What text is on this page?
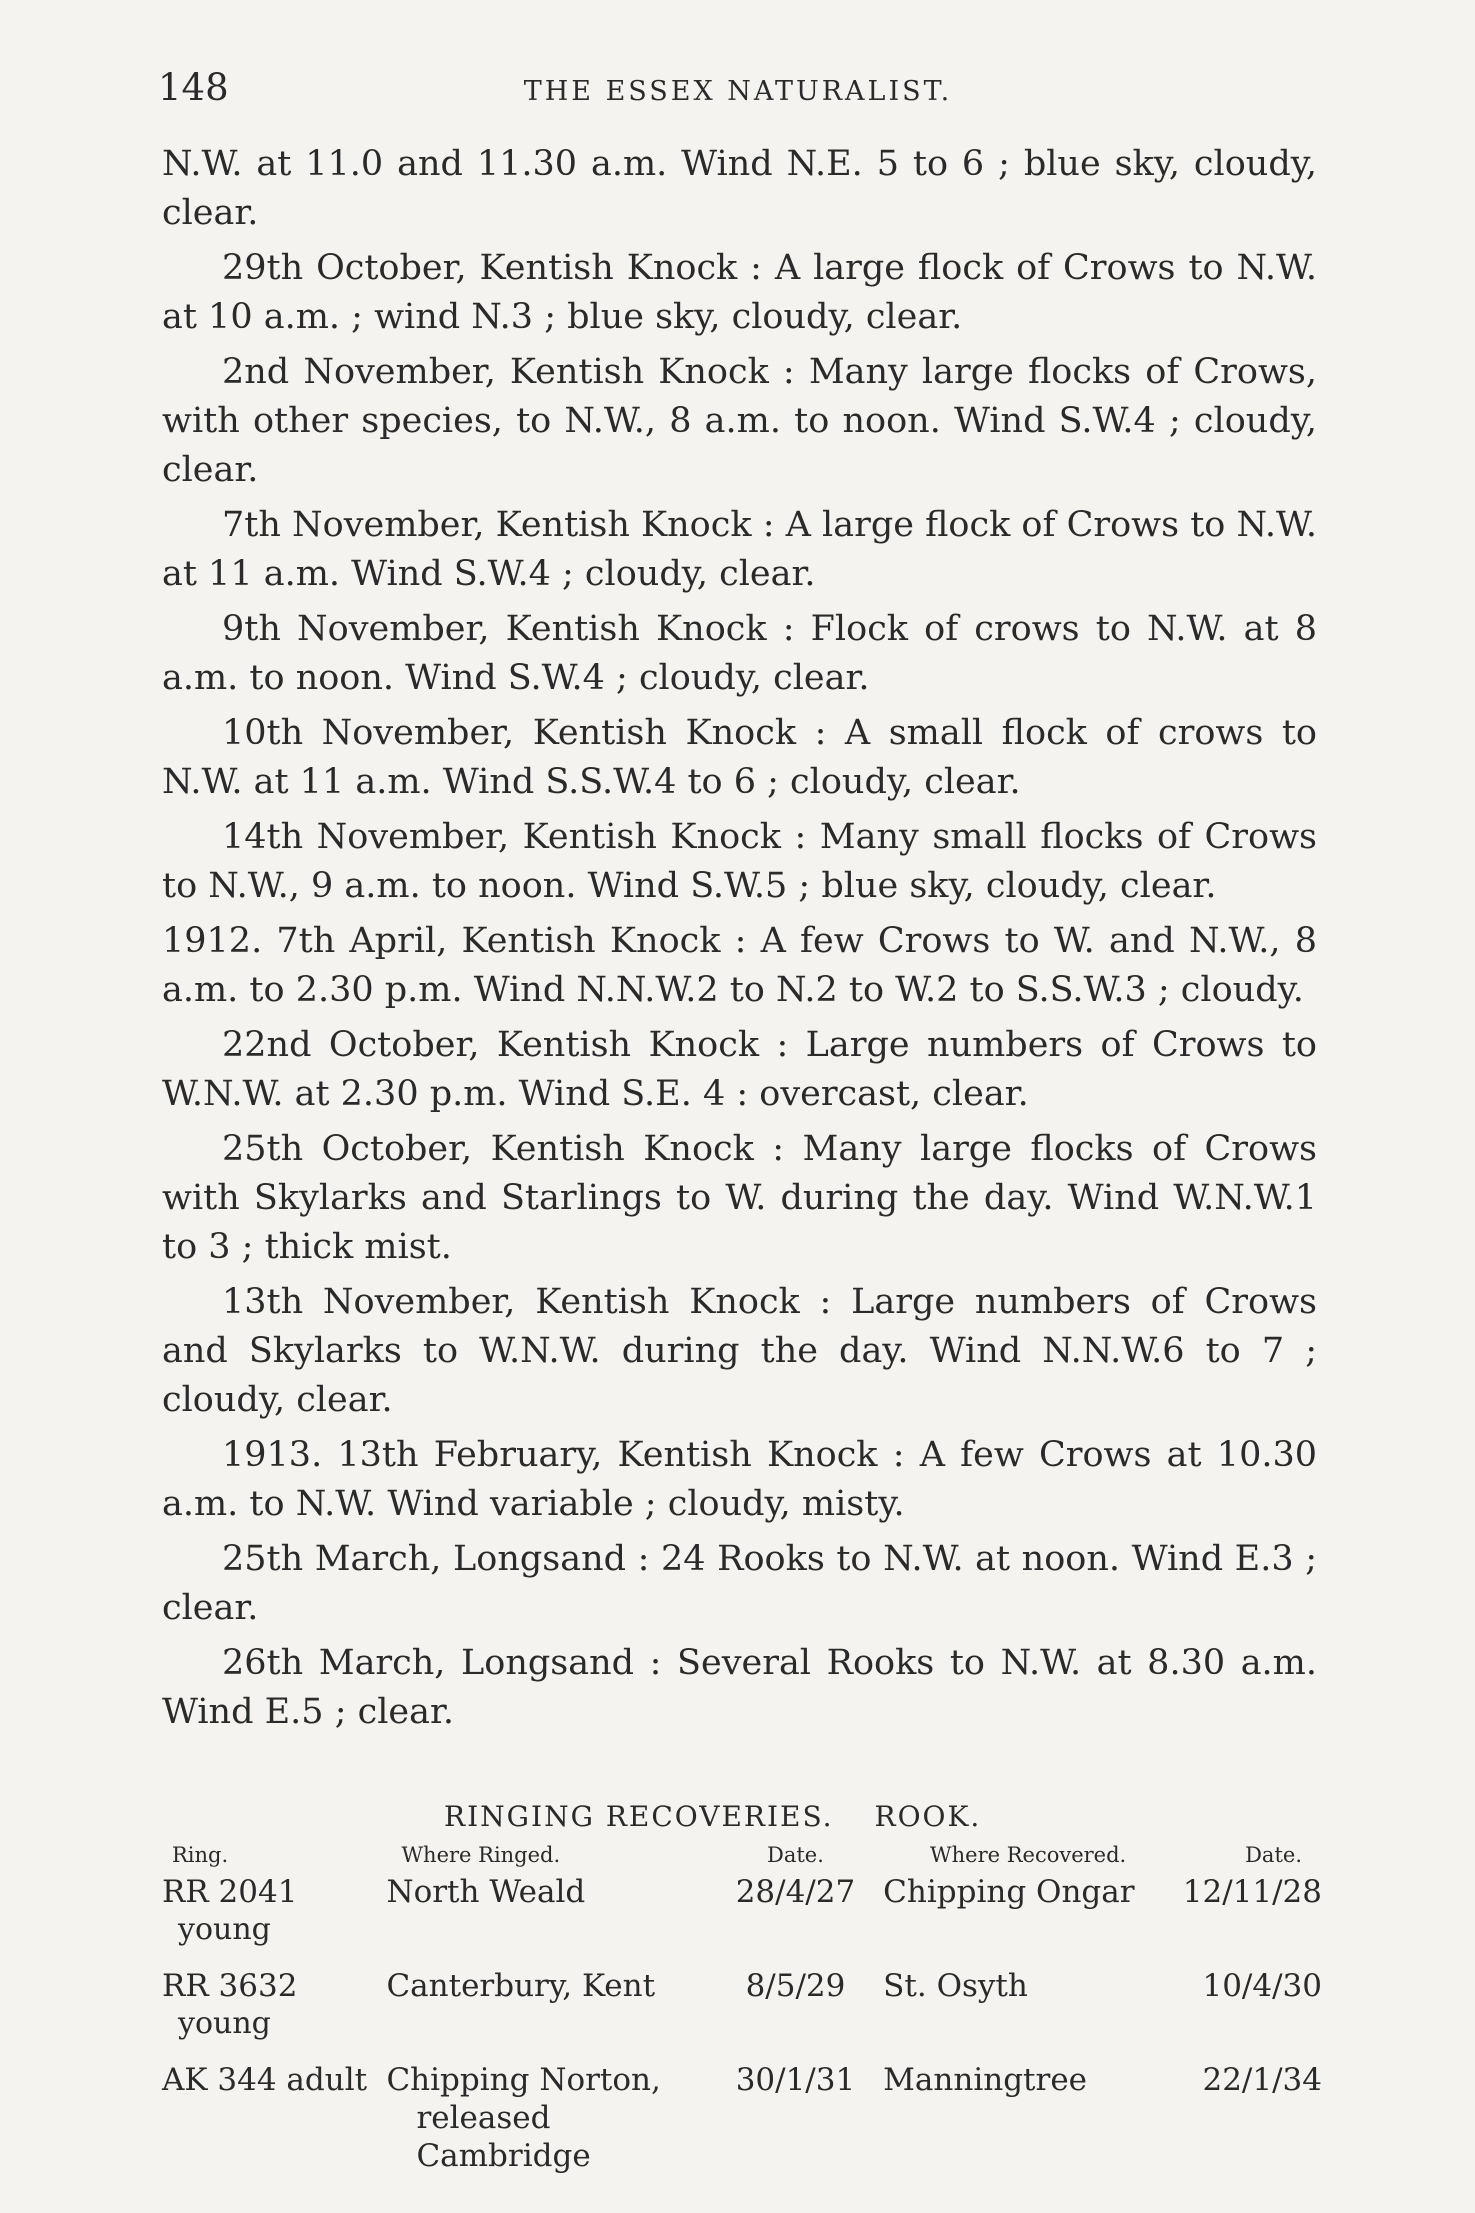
148	THE ESSEX NATURALIST.

N.W. at 11.0 and 11.30 a.m. Wind N.E. 5 to 6 ; blue sky, cloudy, clear.

29th October, Kentish Knock : A large flock of Crows to N.W. at 10 a.m. ; wind N.3 ; blue sky, cloudy, clear.

2nd November, Kentish Knock : Many large flocks of Crows, with other species, to N.W., 8 a.m. to noon. Wind S.W.4 ; cloudy, clear.

7th November, Kentish Knock : A large flock of Crows to N.W. at 11 a.m. Wind S.W.4 ; cloudy, clear.

9th November, Kentish Knock : Flock of crows to N.W. at 8 a.m. to noon. Wind S.W.4 ; cloudy, clear.

10th November, Kentish Knock : A small flock of crows to N.W. at 11 a.m. Wind S.S.W.4 to 6 ; cloudy, clear.

14th November, Kentish Knock : Many small flocks of Crows to N.W., 9 a.m. to noon. Wind S.W.5 ; blue sky, cloudy, clear.

1912. 7th April, Kentish Knock : A few Crows to W. and N.W., 8 a.m. to 2.30 p.m. Wind N.N.W.2 to N.2 to W.2 to S.S.W.3 ; cloudy.

22nd October, Kentish Knock : Large numbers of Crows to W.N.W. at 2.30 p.m. Wind S.E. 4 : overcast, clear.

25th October, Kentish Knock : Many large flocks of Crows with Skylarks and Starlings to W. during the day. Wind W.N.W.1 to 3 ; thick mist.

13th November, Kentish Knock : Large numbers of Crows and Skylarks to W.N.W. during the day. Wind N.N.W.6 to 7 ; cloudy, clear.

1913. 13th February, Kentish Knock : A few Crows at 10.30 a.m. to N.W. Wind variable ; cloudy, misty.

25th March, Longsand : 24 Rooks to N.W. at noon. Wind E.3 ; clear.

26th March, Longsand : Several Rooks to N.W. at 8.30 a.m. Wind E.5 ; clear.

RINGING RECOVERIES. ROOK.
Ring.	Where Ringed.	Date.	Where Recovered.	Date.
RR 2041	North Weald	28/4/27	Chipping Ongar	12/11/28
young				

RR 3632	Canterbury, Kent	8/5/29	St. Osyth	10/4/30
young				

AK 344 adult	Chipping Norton,	30/1/31	Manningtree	22/1/34
	released Cambridge			
